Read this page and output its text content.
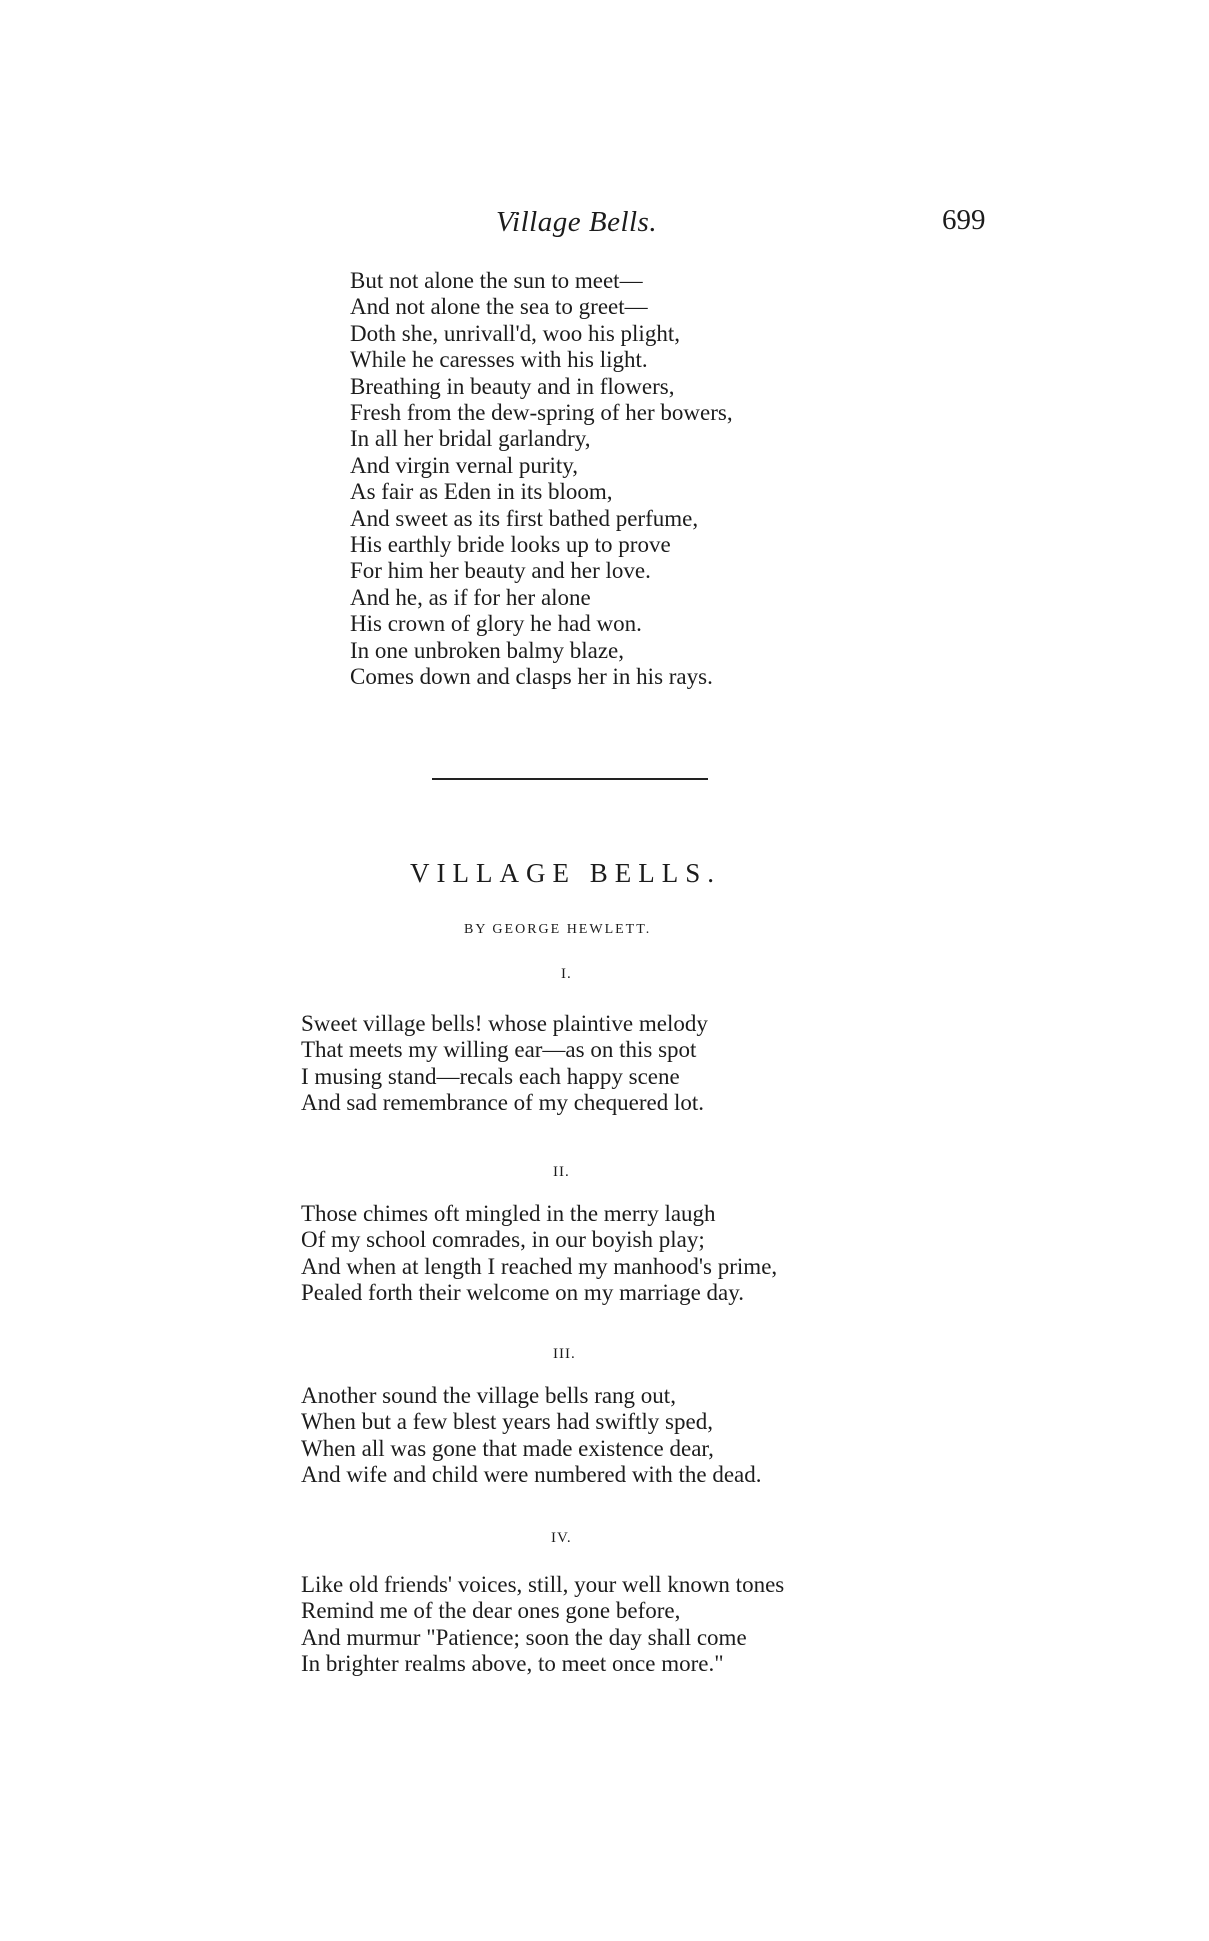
Village Bells.	699
But not alone the sun to meet—
And not alone the sea to greet—
Doth she, unrivall'd, woo his plight,
While he caresses with his light.
Breathing in beauty and in flowers,
Fresh from the dew-spring of her bowers,
In all her bridal garlandry,
And virgin vernal purity,
As fair as Eden in its bloom,
And sweet as its first bathed perfume,
His earthly bride looks up to prove
For him her beauty and her love.
And he, as if for her alone
His crown of glory he had won.
In one unbroken balmy blaze,
Comes down and clasps her in his rays.
VILLAGE BELLS.
BY GEORGE HEWLETT.
I.
Sweet village bells! whose plaintive melody
That meets my willing ear—as on this spot
I musing stand—recals each happy scene
And sad remembrance of my chequered lot.
II.
Those chimes oft mingled in the merry laugh
Of my school comrades, in our boyish play;
And when at length I reached my manhood's prime,
Pealed forth their welcome on my marriage day.
III.
Another sound the village bells rang out,
When but a few blest years had swiftly sped,
When all was gone that made existence dear,
And wife and child were numbered with the dead.
IV.
Like old friends' voices, still, your well known tones
Remind me of the dear ones gone before,
And murmur "Patience; soon the day shall come
In brighter realms above, to meet once more."
